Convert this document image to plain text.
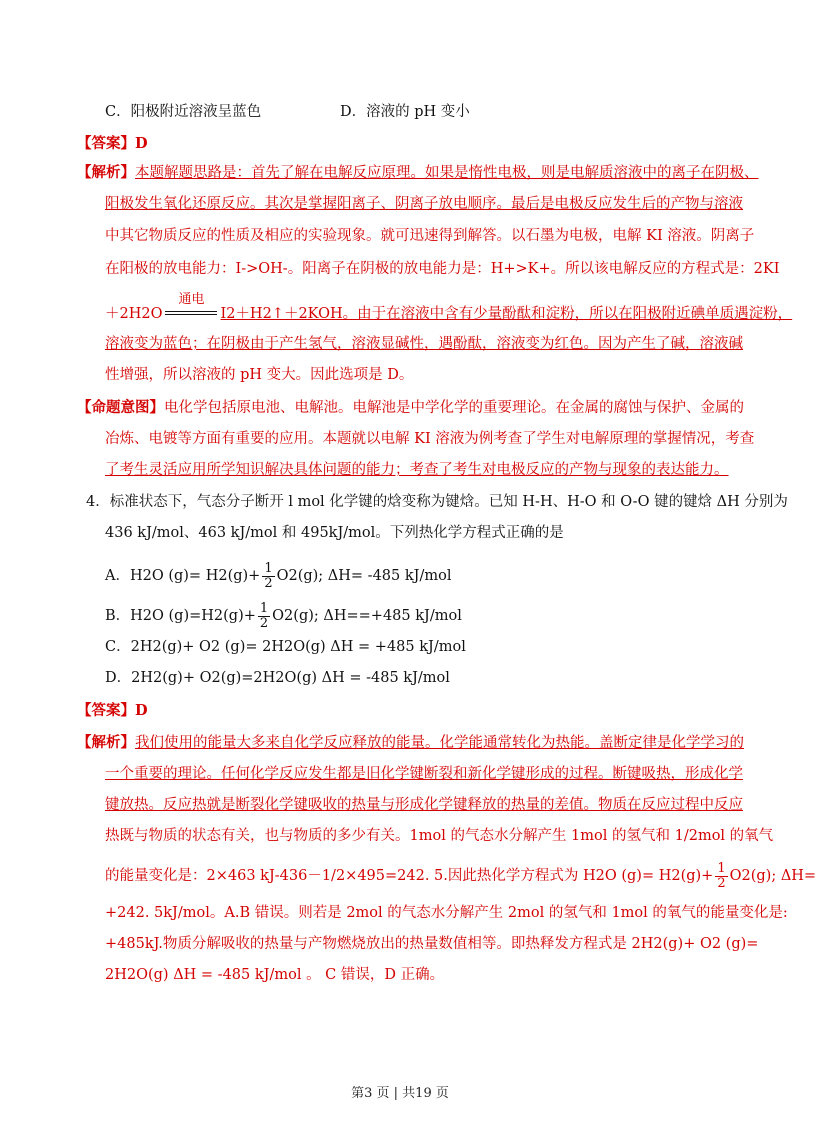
C．阳极附近溶液呈蓝色	D．溶液的 pH 变小
【答案】D
【解析】本题解题思路是：首先了解在电解反应原理。如果是惰性电极，则是电解质溶液中的离子在阴极、
阳极发生氧化还原反应。其次是掌握阳离子、阴离子放电顺序。最后是电极反应发生后的产物与溶液
中其它物质反应的性质及相应的实验现象。就可迅速得到解答。以石墨为电极，电解 KI 溶液。阴离子
在阳极的放电能力：I->OH-。阳离子在阴极的放电能力是：H+>K+。所以该电解反应的方程式是：2KI
＋2H2O
通电
I2＋H2↑＋2KOH。由于在溶液中含有少量酚酞和淀粉，所以在阳极附近碘单质遇淀粉，
溶液变为蓝色；在阴极由于产生氢气，溶液显碱性，遇酚酞，溶液变为红色。因为产生了碱，溶液碱
性增强，所以溶液的 pH 变大。因此选项是 D。
【命题意图】电化学包括原电池、电解池。电解池是中学化学的重要理论。在金属的腐蚀与保护、金属的
冶炼、电镀等方面有重要的应用。本题就以电解 KI 溶液为例考查了学生对电解原理的掌握情况，考查
了考生灵活应用所学知识解决具体问题的能力；考查了考生对电极反应的产物与现象的表达能力。
4．标准状态下，气态分子断开 l mol 化学键的焓变称为键焓。已知 H-H、H-O 和 O-O 键的键焓 ΔH 分别为
436 kJ/mol、463 kJ/mol 和 495kJ/mol。下列热化学方程式正确的是
A．H2O $(g)= H2(g)+ \frac{1}{2} O2(g)$; ΔH= -485 kJ/mol
B．H2O $(g)=H2(g)+ \frac{1}{2} O2(g)$; ΔH==+485 kJ/mol
C．2H2(g)+ O2 (g)= 2H2O(g) ΔH = +485 kJ/mol
D．2H2(g)+ O2(g)=2H2O(g) ΔH = -485 kJ/mol
【答案】D
【解析】我们使用的能量大多来自化学反应释放的能量。化学能通常转化为热能。盖断定律是化学学习的
一个重要的理论。任何化学反应发生都是旧化学键断裂和新化学键形成的过程。断键吸热，形成化学
键放热。反应热就是断裂化学键吸收的热量与形成化学键释放的热量的差值。物质在反应过程中反应
热既与物质的状态有关，也与物质的多少有关。1mol 的气态水分解产生 1mol 的氢气和 1/2mol 的氧气
的能量变化是：2×463 kJ-436－1/2×495=242. 5.因此热化学方程式为 H2O $(g)= H2(g)+ \frac{1}{2} O2(g)$; ΔH=
+242. 5kJ/mol。A.B 错误。则若是 2mol 的气态水分解产生 2mol 的氢气和 1mol 的氧气的能量变化是:
+485kJ.物质分解吸收的热量与产物燃烧放出的热量数值相等。即热释发方程式是 2H2(g)+ O2 (g)=
2H2O(g) ΔH = -485 kJ/mol 。 C 错误，D 正确。
第3 页 | 共19 页
